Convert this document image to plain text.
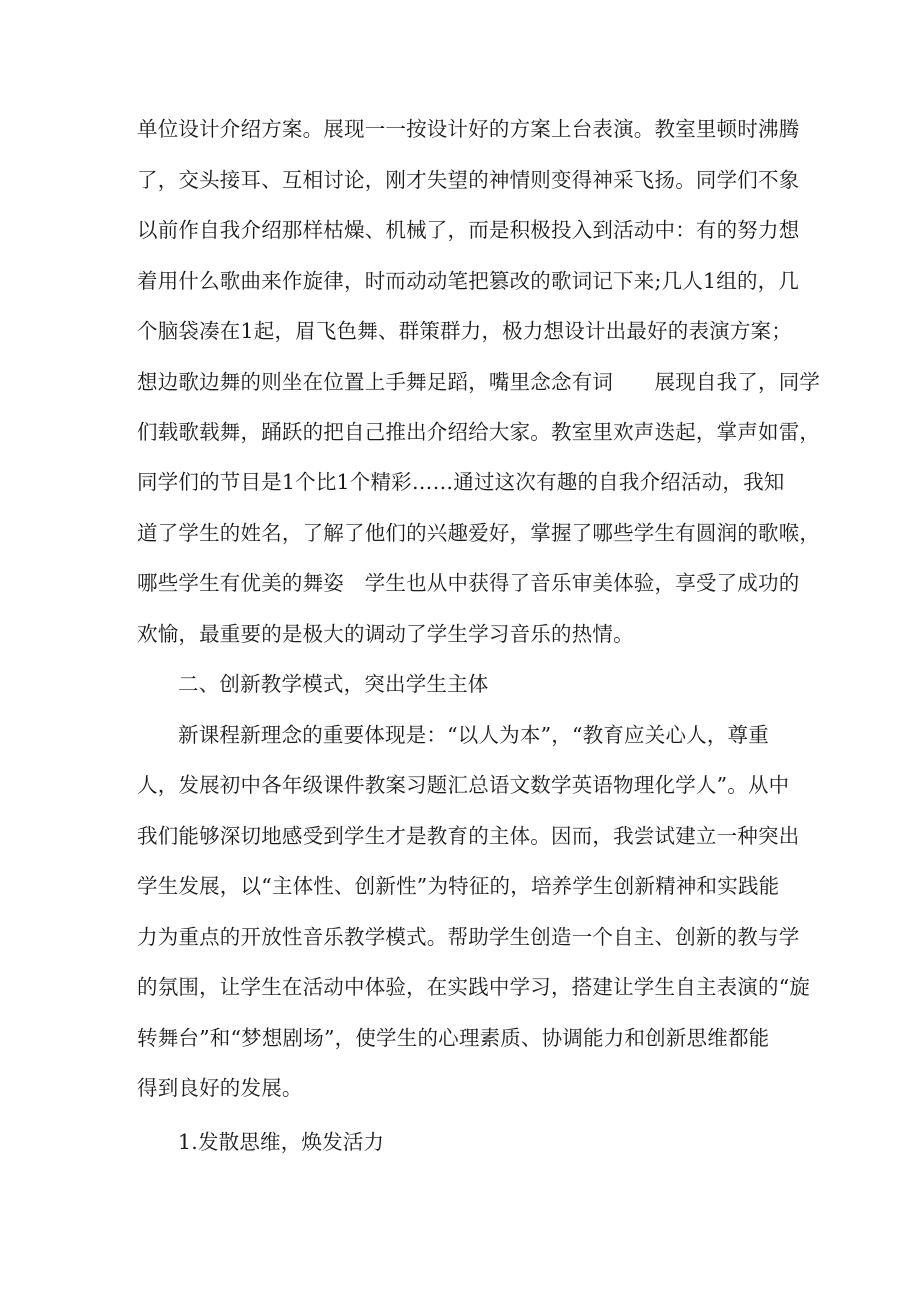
单位设计介绍方案。展现一一按设计好的方案上台表演。教室里顿时沸腾
了，交头接耳、互相讨论，刚才失望的神情则变得神采飞扬。同学们不象
以前作自我介绍那样枯燥、机械了，而是积极投入到活动中：有的努力想
着用什么歌曲来作旋律，时而动动笔把篡改的歌词记下来;几人1组的，几
个脑袋凑在1起，眉飞色舞、群策群力，极力想设计出最好的表演方案；
想边歌边舞的则坐在位置上手舞足蹈，嘴里念念有词　　展现自我了，同学
们载歌载舞，踊跃的把自己推出介绍给大家。教室里欢声迭起，掌声如雷，
同学们的节目是1个比1个精彩……通过这次有趣的自我介绍活动，我知
道了学生的姓名，了解了他们的兴趣爱好，掌握了哪些学生有圆润的歌喉，
哪些学生有优美的舞姿　学生也从中获得了音乐审美体验，享受了成功的
欢愉，最重要的是极大的调动了学生学习音乐的热情。
二、创新教学模式，突出学生主体
新课程新理念的重要体现是：“以人为本”，“教育应关心人，尊重
人，发展初中各年级课件教案习题汇总语文数学英语物理化学人”。从中
我们能够深切地感受到学生才是教育的主体。因而，我尝试建立一种突出
学生发展，以“主体性、创新性”为特征的，培养学生创新精神和实践能
力为重点的开放性音乐教学模式。帮助学生创造一个自主、创新的教与学
的氛围，让学生在活动中体验，在实践中学习，搭建让学生自主表演的“旋
转舞台”和“梦想剧场”，使学生的心理素质、协调能力和创新思维都能
得到良好的发展。
1.发散思维，焕发活力
